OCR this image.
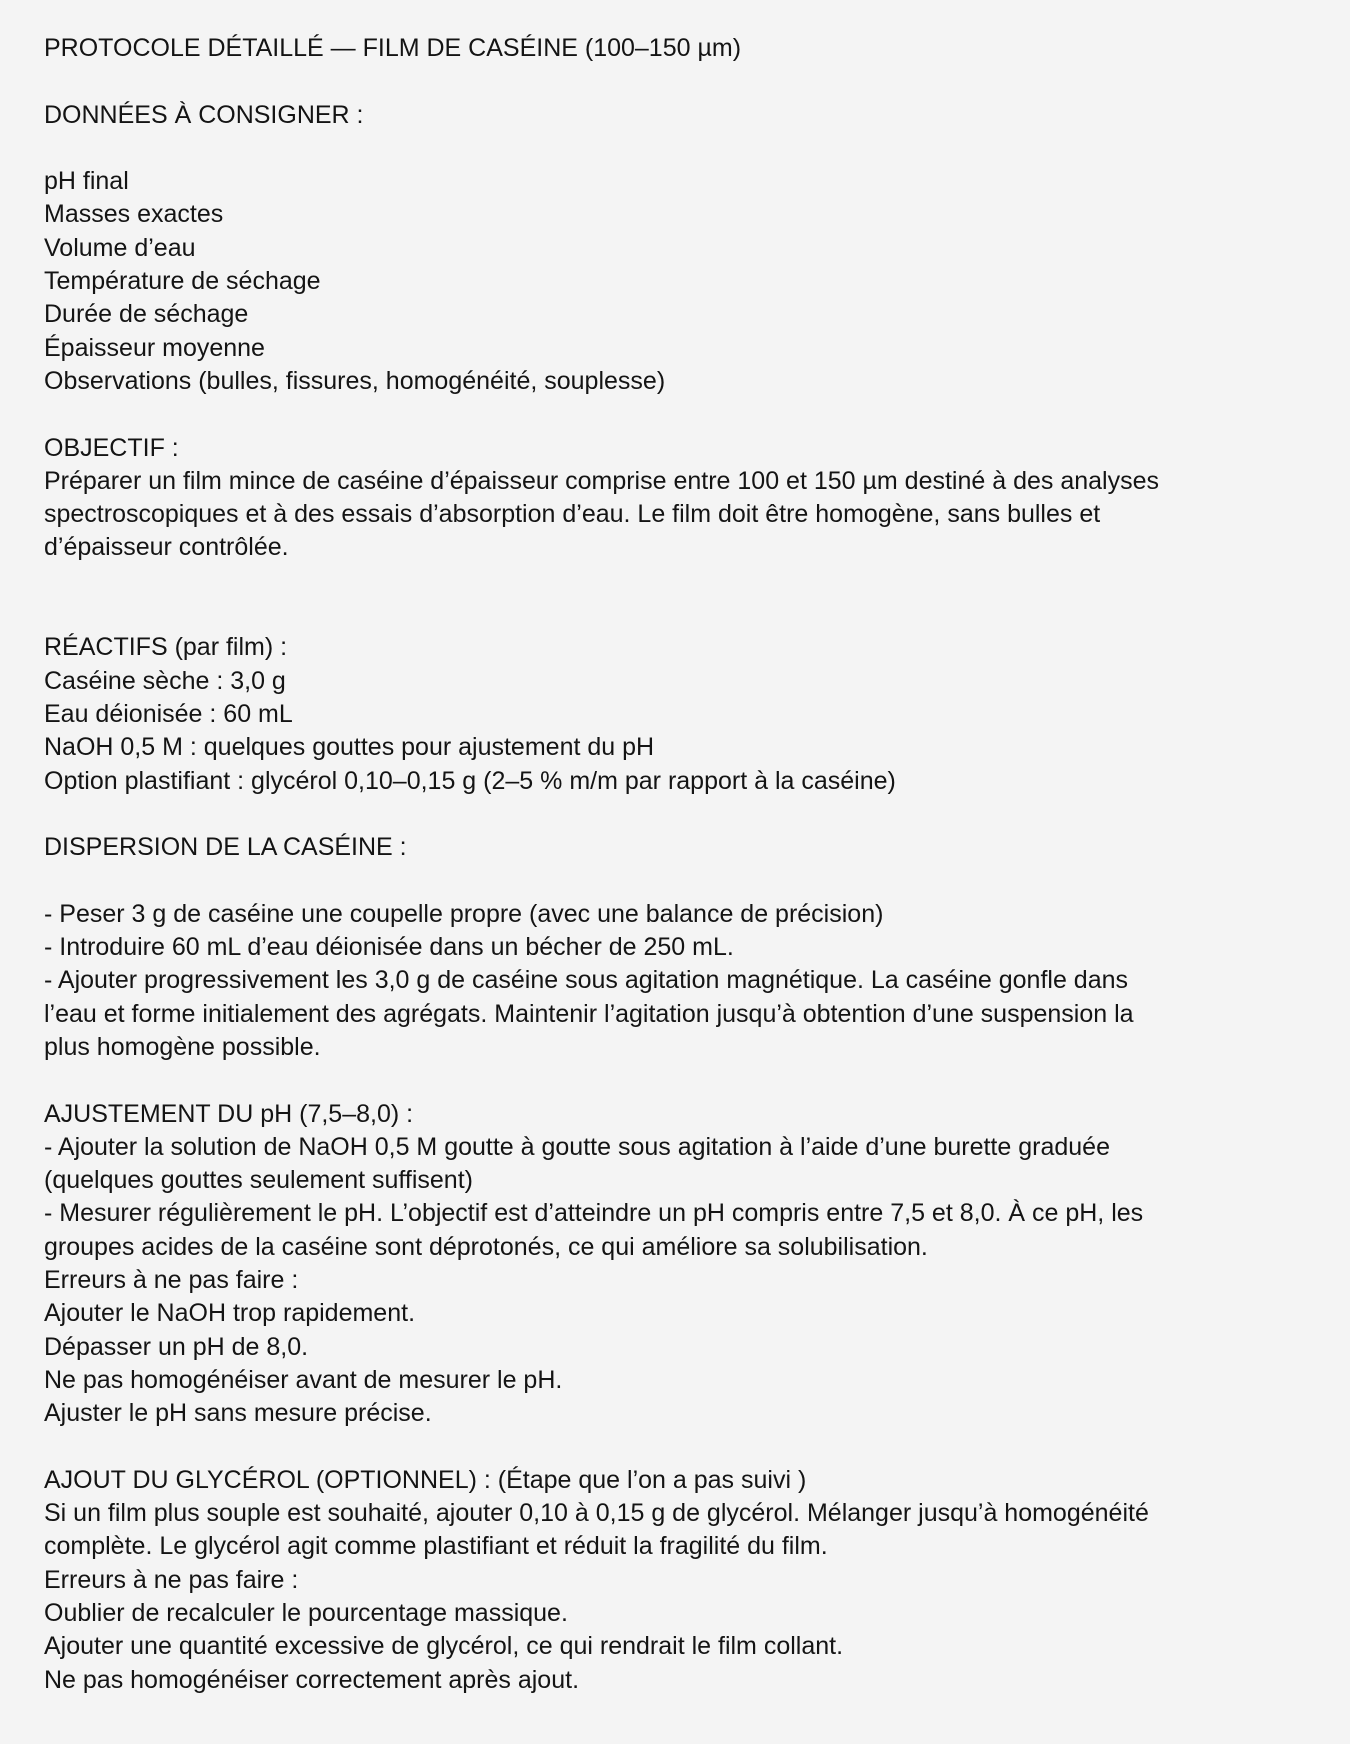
PROTOCOLE DÉTAILLÉ — FILM DE CASÉINE (100–150 µm)
DONNÉES À CONSIGNER :
pH final
Masses exactes
Volume d’eau
Température de séchage
Durée de séchage
Épaisseur moyenne
Observations (bulles, fissures, homogénéité, souplesse)
OBJECTIF :
Préparer un film mince de caséine d’épaisseur comprise entre 100 et 150 µm destiné à des analyses
spectroscopiques et à des essais d’absorption d’eau. Le film doit être homogène, sans bulles et
d’épaisseur contrôlée.
RÉACTIFS (par film) :
Caséine sèche : 3,0 g
Eau déionisée : 60 mL
NaOH 0,5 M : quelques gouttes pour ajustement du pH
Option plastifiant : glycérol 0,10–0,15 g (2–5 % m/m par rapport à la caséine)
DISPERSION DE LA CASÉINE :
- Peser 3 g de caséine une coupelle propre (avec une balance de précision)
- Introduire 60 mL d’eau déionisée dans un bécher de 250 mL.
- Ajouter progressivement les 3,0 g de caséine sous agitation magnétique. La caséine gonfle dans
l’eau et forme initialement des agrégats. Maintenir l’agitation jusqu’à obtention d’une suspension la
plus homogène possible.
AJUSTEMENT DU pH (7,5–8,0) :
- Ajouter la solution de NaOH 0,5 M goutte à goutte sous agitation à l’aide d’une burette graduée
(quelques gouttes seulement suffisent)
- Mesurer régulièrement le pH. L’objectif est d’atteindre un pH compris entre 7,5 et 8,0. À ce pH, les
groupes acides de la caséine sont déprotonés, ce qui améliore sa solubilisation.
Erreurs à ne pas faire :
Ajouter le NaOH trop rapidement.
Dépasser un pH de 8,0.
Ne pas homogénéiser avant de mesurer le pH.
Ajuster le pH sans mesure précise.
AJOUT DU GLYCÉROL (OPTIONNEL) : (Étape que l’on a pas suivi )
Si un film plus souple est souhaité, ajouter 0,10 à 0,15 g de glycérol. Mélanger jusqu’à homogénéité
complète. Le glycérol agit comme plastifiant et réduit la fragilité du film.
Erreurs à ne pas faire :
Oublier de recalculer le pourcentage massique.
Ajouter une quantité excessive de glycérol, ce qui rendrait le film collant.
Ne pas homogénéiser correctement après ajout.
